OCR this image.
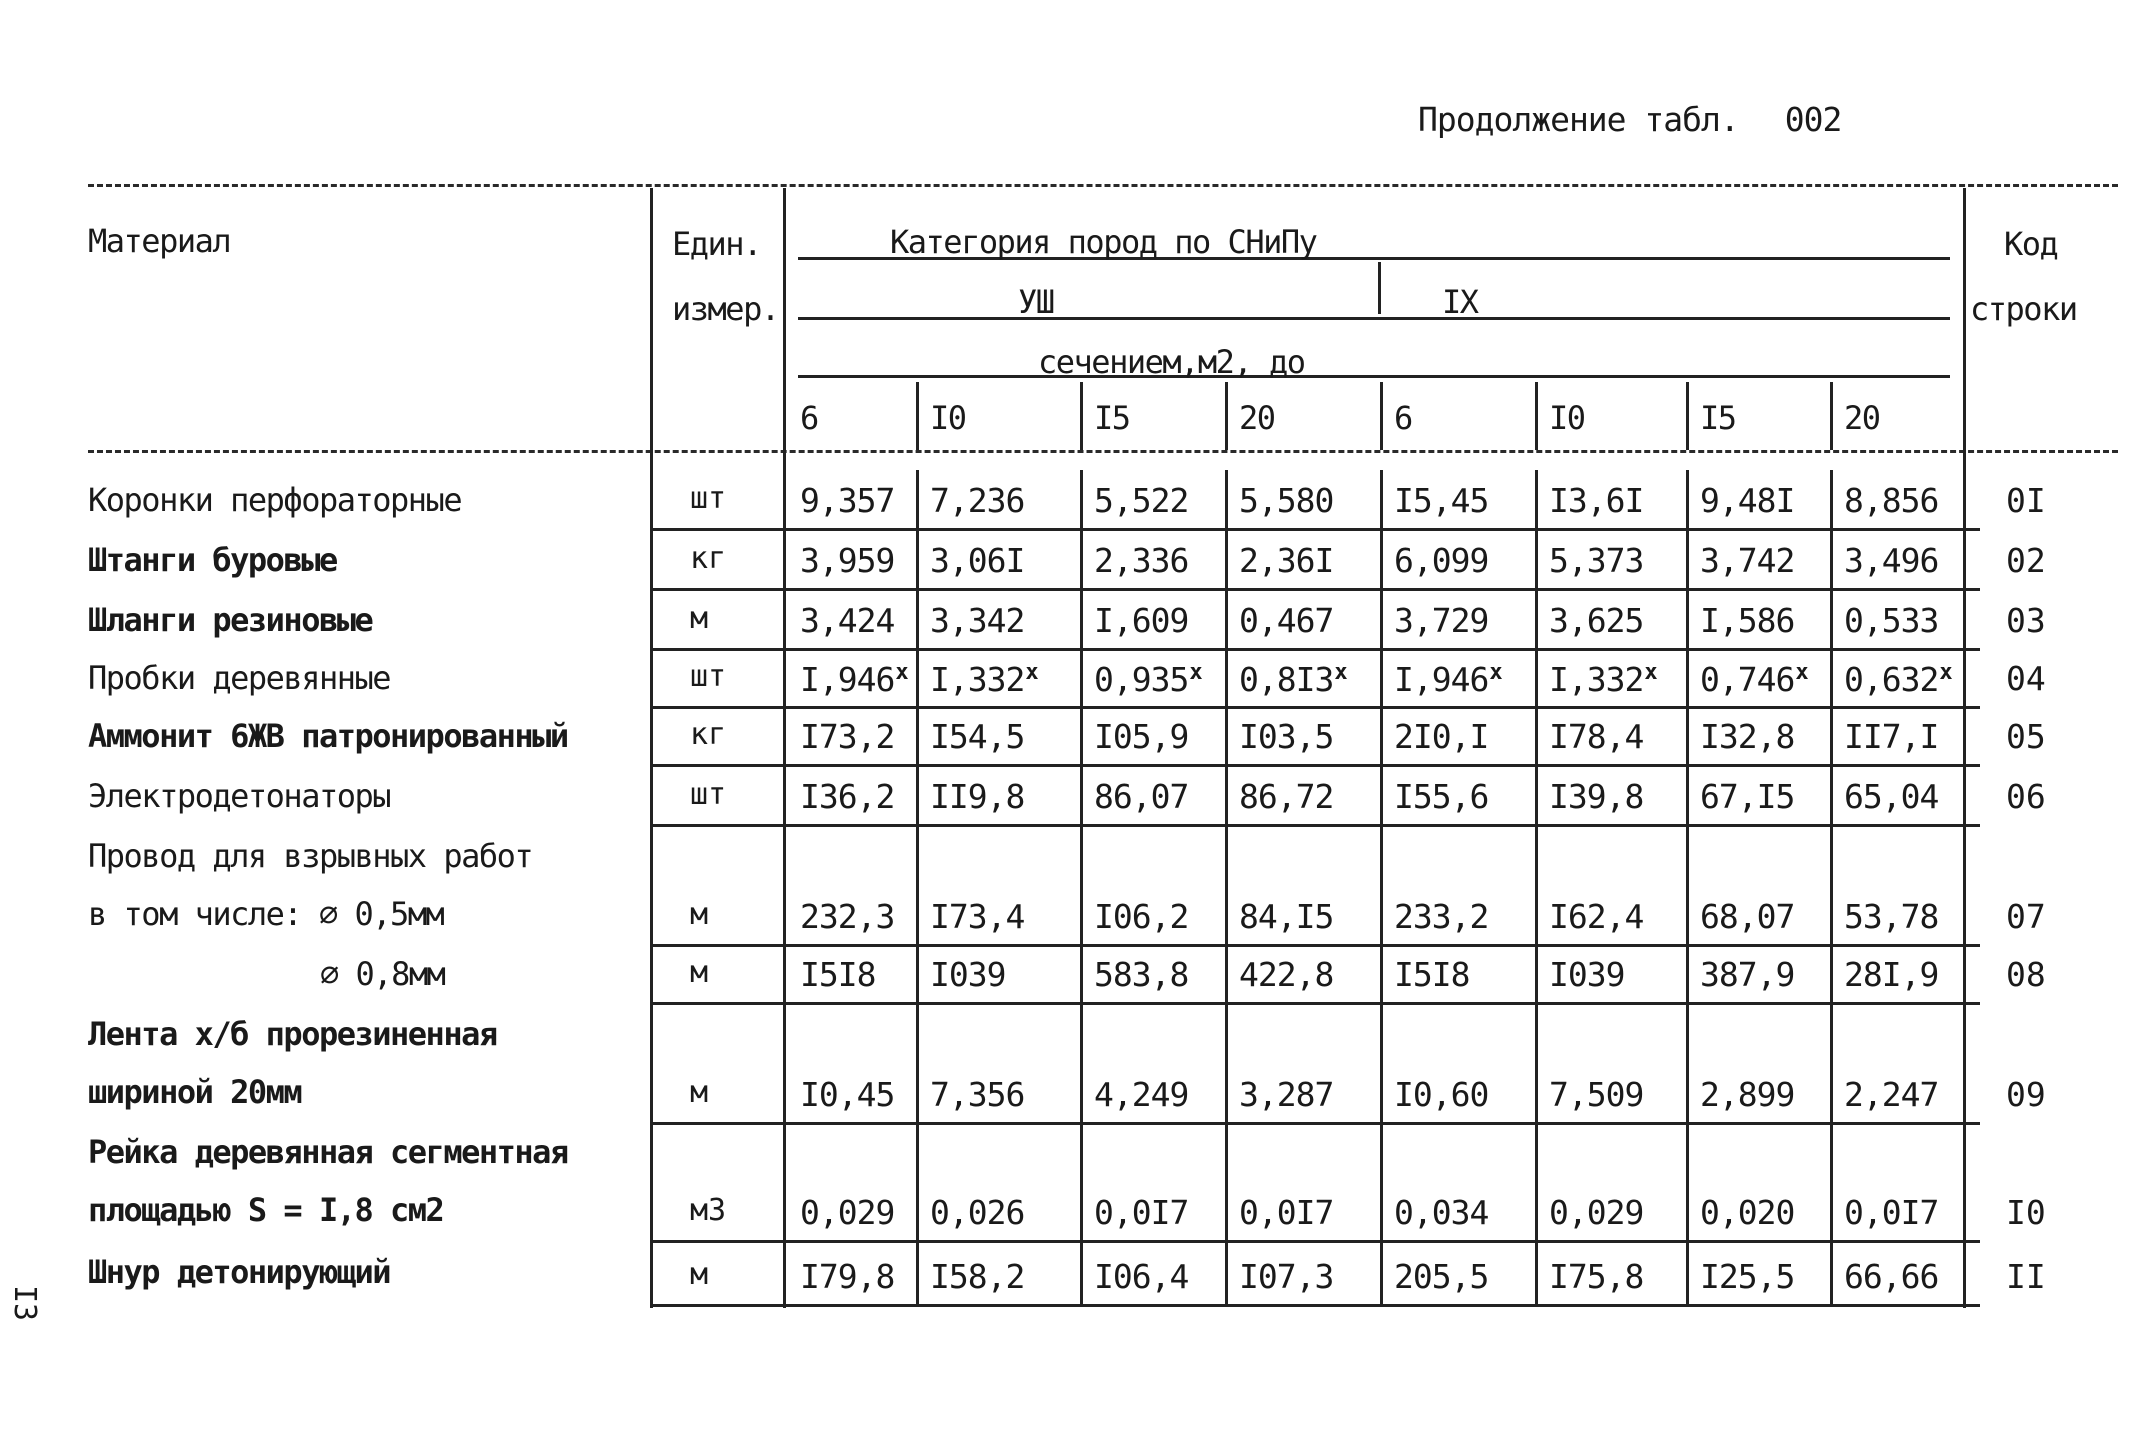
Продолжение табл. 002
Материал	Един.
измер.
Категория пород по СНиПу
УШ	IX
сечением,м2, до
Код
строки
6	I0	I5	20	6	I0	I5	20
Коронки перфораторные	шт 9,357 7,236 5,522 5,580 I5,45 I3,6I 9,48I 8,856 0I
Штанги буровые	кг 3,959 3,06I 2,336 2,36I 6,099 5,373 3,742 3,496 02
Шланги резиновые	м	3,424 3,342 I,609 0,467 3,729 3,625 I,586 0,533 03
Пробки деревянные	шт I,946$^x$ I,332$^x$ 0,935$^x$ 0,8I3$^x$ I,946$^x$ I,332$^x$ 0,746$^x$ 0,632$^x$ 04
Аммонит 6ЖВ патронированный	кг I73,2 I54,5 I05,9 I03,5 2I0,I I78,4 I32,8 II7,I 05
Электродетонаторы	шт I36,2 II9,8 86,07 86,72 I55,6 I39,8 67,I5 65,04 06
Провод для взрывных работ
в том числе: ∅ 0,5мм	м	232,3 I73,4 I06,2 84,I5 233,2 I62,4 68,07 53,78 07
∅ 0,8мм	м	I5I8 I039	583,8 422,8 I5I8 I039 387,9 28I,9 08
Лента х/б прорезиненная
шириной 20мм	м	I0,45 7,356 4,249 3,287 I0,60 7,509 2,899 2,247 09
Рейка деревянная сегментная
площадью S = I,8 см2	м3 0,029 0,026 0,0I7 0,0I7 0,034 0,029 0,020 0,0I7 I0
Шнур детонирующий	м	I79,8 I58,2 I06,4 I07,3 205,5 I75,8 I25,5 66,66 II
I3
